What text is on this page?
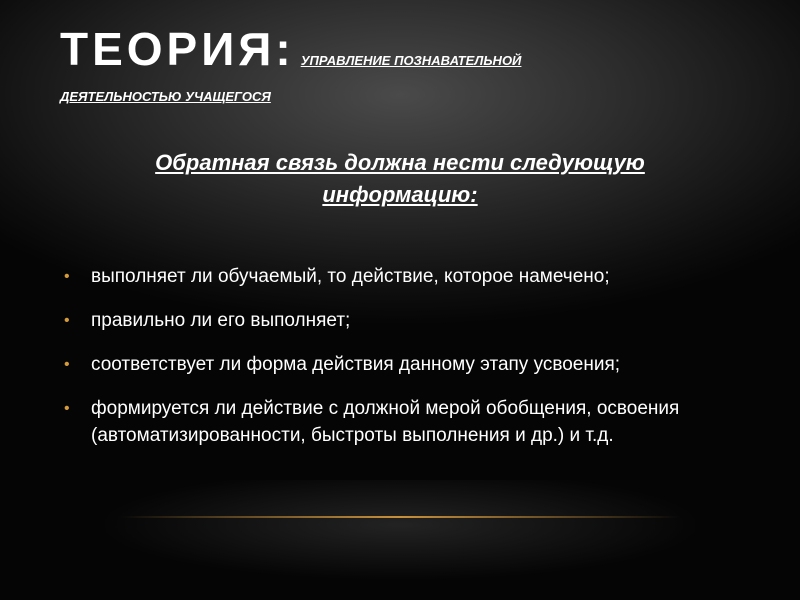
ТЕОРИЯ: УПРАВЛЕНИЕ ПОЗНАВАТЕЛЬНОЙ
ДЕЯТЕЛЬНОСТЬЮ УЧАЩЕГОСЯ
Обратная связь должна нести следующую
информацию:
• выполняет ли обучаемый, то действие, которое намечено;
• правильно ли его выполняет;
• соответствует ли форма действия данному этапу усвоения;
• формируется ли действие с должной мерой обобщения, освоения (автоматизированности, быстроты выполнения и др.) и т.д.
